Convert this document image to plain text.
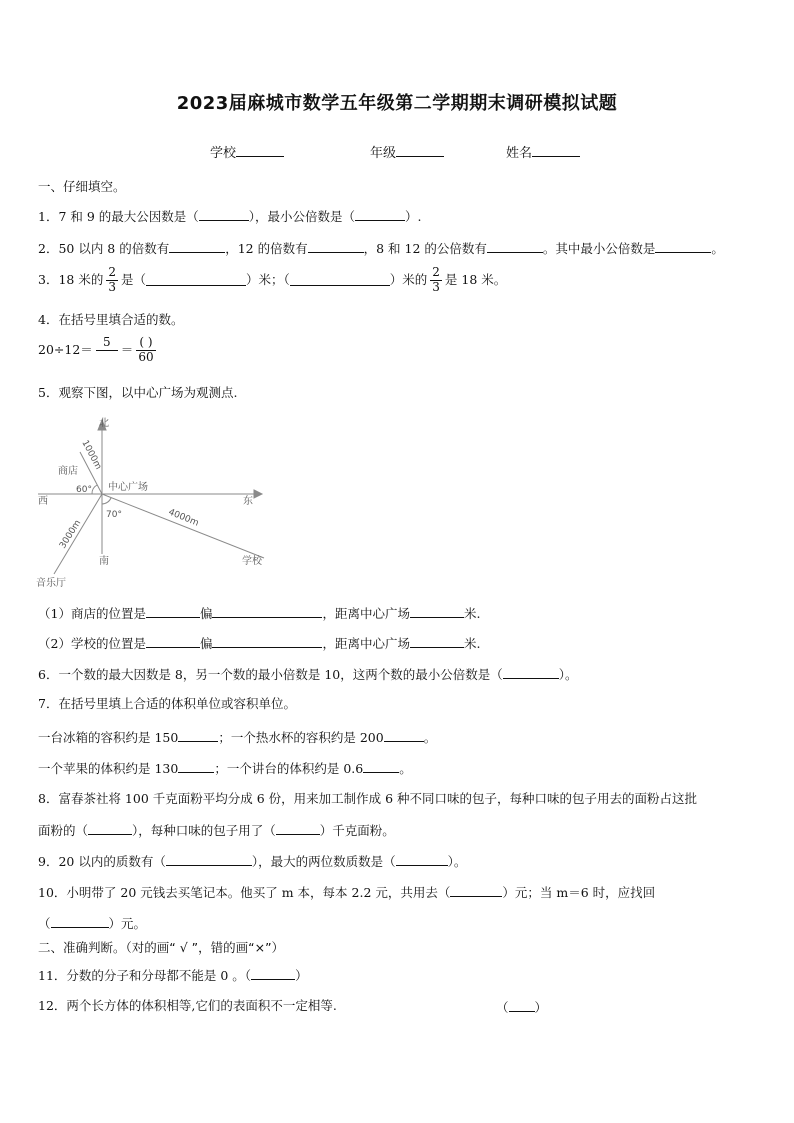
2023届麻城市数学五年级第二学期期末调研模拟试题
学校	年级	姓名
一、仔细填空。
1．7 和 9 的最大公因数是（	），最小公倍数是（	）.
2．50 以内 8 的倍数有	，12 的倍数有	，8 和 12 的公倍数有	。其中最小公倍数是	。
3．18 米的 $\frac{2}{3}$ 是（	）米；（	）米的 $\frac{2}{3}$ 是 18 米。
4．在括号里填合适的数。
20÷12＝
5
＝ $\frac{( )}{60}$
5．观察下图，以中心广场为观测点.
北
南
东
西
中心广场
商店
学校
音乐厅
60°
70°
1000m
4000m
3000m
（1）商店的位置是	偏	，距离中心广场	米.
（2）学校的位置是	偏	，距离中心广场	米.
6．一个数的最大因数是 8，另一个数的最小倍数是 10，这两个数的最小公倍数是（	）。
7．在括号里填上合适的体积单位或容积单位。
一台冰箱的容积约是 150	；一个热水杯的容积约是 200	。
一个苹果的体积约是 130	；一个讲台的体积约是 0.6	。
8．富春茶社将 100 千克面粉平均分成 6 份，用来加工制作成 6 种不同口味的包子，每种口味的包子用去的面粉占这批
面粉的（	），每种口味的包子用了（	）千克面粉。
9．20 以内的质数有（	），最大的两位数质数是（	）。
10．小明带了 20 元钱去买笔记本。他买了 m 本，每本 2.2 元，共用去（	）元；当 m＝6 时，应找回
（	）元。
二、准确判断。（对的画“ √ ”，错的画“×”）
11．分数的分子和分母都不能是 0 。（	）
12．两个长方体的体积相等,它们的表面积不一定相等.	（ ）
